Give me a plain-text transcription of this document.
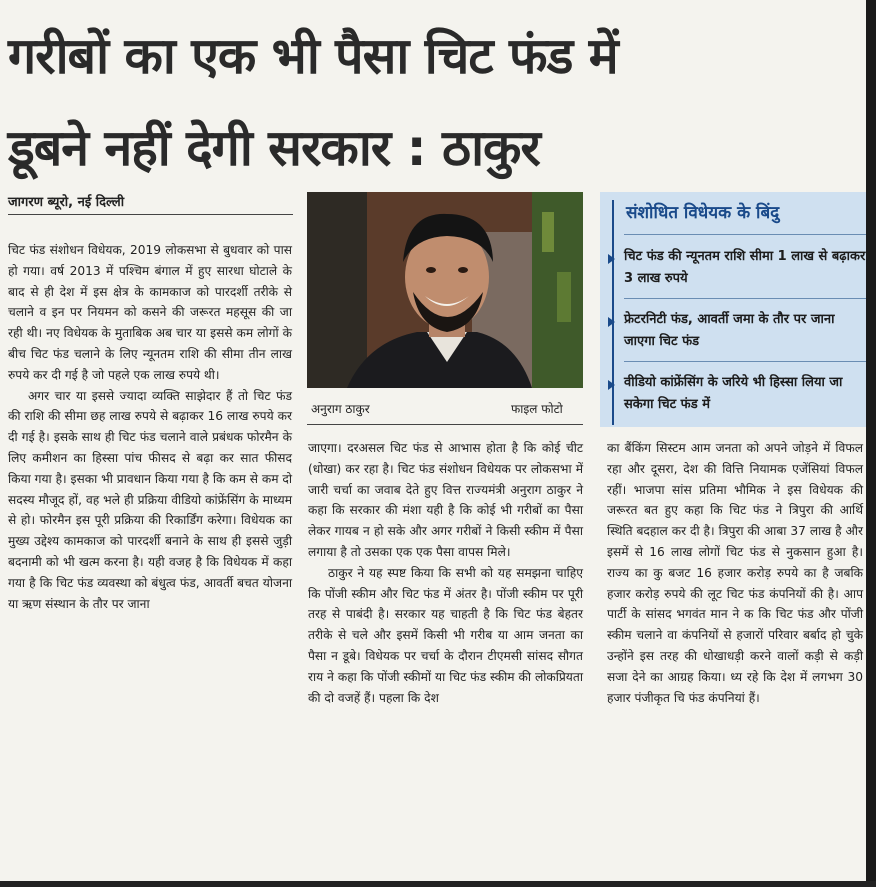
गरीबों का एक भी पैसा चिट फंड में
डूबने नहीं देगी सरकार : ठाकुर
जागरण ब्यूरो, नई दिल्ली

चिट फंड संशोधन विधेयक, 2019 लोकसभा से बुधवार को पास हो गया। वर्ष 2013 में पश्चिम बंगाल में हुए सारधा घोटाले के बाद से ही देश में इस क्षेत्र के कामकाज को पारदर्शी तरीके से चलाने व इन पर नियमन को कसने की जरूरत महसूस की जा रही थी। नए विधेयक के मुताबिक अब चार या इससे कम लोगों के बीच चिट फंड चलाने के लिए न्यूनतम राशि की सीमा तीन लाख रुपये कर दी गई है जो पहले एक लाख रुपये थी।

अगर चार या इससे ज्यादा व्यक्ति साझेदार हैं तो चिट फंड की राशि की सीमा छह लाख रुपये से बढ़ाकर 16 लाख रुपये कर दी गई है। इसके साथ ही चिट फंड चलाने वाले प्रबंधक फोरमैन के लिए कमीशन का हिस्सा पांच फीसद से बढ़ा कर सात फीसद किया गया है। इसका भी प्रावधान किया गया है कि कम से कम दो सदस्य मौजूद हों, वह भले ही प्रक्रिया वीडियो कांफ्रेंसिंग के माध्यम से हो। फोरमैन इस पूरी प्रक्रिया की रिकार्डिंग करेगा। विधेयक का मुख्य उद्देश्य कामकाज को पारदर्शी बनाने के साथ ही इससे जुड़ी बदनामी को भी खत्म करना है। यही वजह है कि विधेयक में कहा गया है कि चिट फंड व्यवस्था को बंधुत्व फंड, आवर्ती बचत योजना या ऋण संस्थान के तौर पर जाना

अनुराग ठाकुर	फाइल फोटो

जाएगा। दरअसल चिट फंड से आभास होता है कि कोई चीट (धोखा) कर रहा है। चिट फंड संशोधन विधेयक पर लोकसभा में जारी चर्चा का जवाब देते हुए वित्त राज्यमंत्री अनुराग ठाकुर ने कहा कि सरकार की मंशा यही है कि कोई भी गरीबों का पैसा लेकर गायब न हो सके और अगर गरीबों ने किसी स्कीम में पैसा लगाया है तो उसका एक एक पैसा वापस मिले।

ठाकुर ने यह स्पष्ट किया कि सभी को यह समझना चाहिए कि पोंजी स्कीम और चिट फंड में अंतर है। पोंजी स्कीम पर पूरी तरह से पाबंदी है। सरकार यह चाहती है कि चिट फंड बेहतर तरीके से चले और इसमें किसी भी गरीब या आम जनता का पैसा न डूबे। विधेयक पर चर्चा के दौरान टीएमसी सांसद सौगत राय ने कहा कि पोंजी स्कीमों या चिट फंड स्कीम की लोकप्रियता की दो वजहें हैं। पहला कि देश

संशोधित विधेयक के बिंदु
चिट फंड की न्यूनतम राशि सीमा 1 लाख से बढ़ाकर 3 लाख रुपये
फ्रेटरनिटी फंड, आवर्ती जमा के तौर पर जाना जाएगा चिट फंड
वीडियो कांफ्रेंसिंग के जरिये भी हिस्सा लिया जा सकेगा चिट फंड में

का बैंकिंग सिस्टम आम जनता को अपने जोड़ने में विफल रहा और दूसरा, देश की वित्ति नियामक एजेंसियां विफल रहीं। भाजपा सांस प्रतिमा भौमिक ने इस विधेयक की जरूरत बत हुए कहा कि चिट फंड ने त्रिपुरा की आर्थि स्थिति बदहाल कर दी है। त्रिपुरा की आबा 37 लाख है और इसमें से 16 लाख लोगों चिट फंड से नुकसान हुआ है। राज्य का कु बजट 16 हजार करोड़ रुपये का है जबकि हजार करोड़ रुपये की लूट चिट फंड कंपनियों की है। आप पार्टी के सांसद भगवंत मान ने क कि चिट फंड और पोंजी स्कीम चलाने वा कंपनियों से हजारों परिवार बर्बाद हो चुके उन्होंने इस तरह की धोखाधड़ी करने वालों कड़ी से कड़ी सजा देने का आग्रह किया। ध्य रहे कि देश में लगभग 30 हजार पंजीकृत चि फंड कंपनियां हैं।
